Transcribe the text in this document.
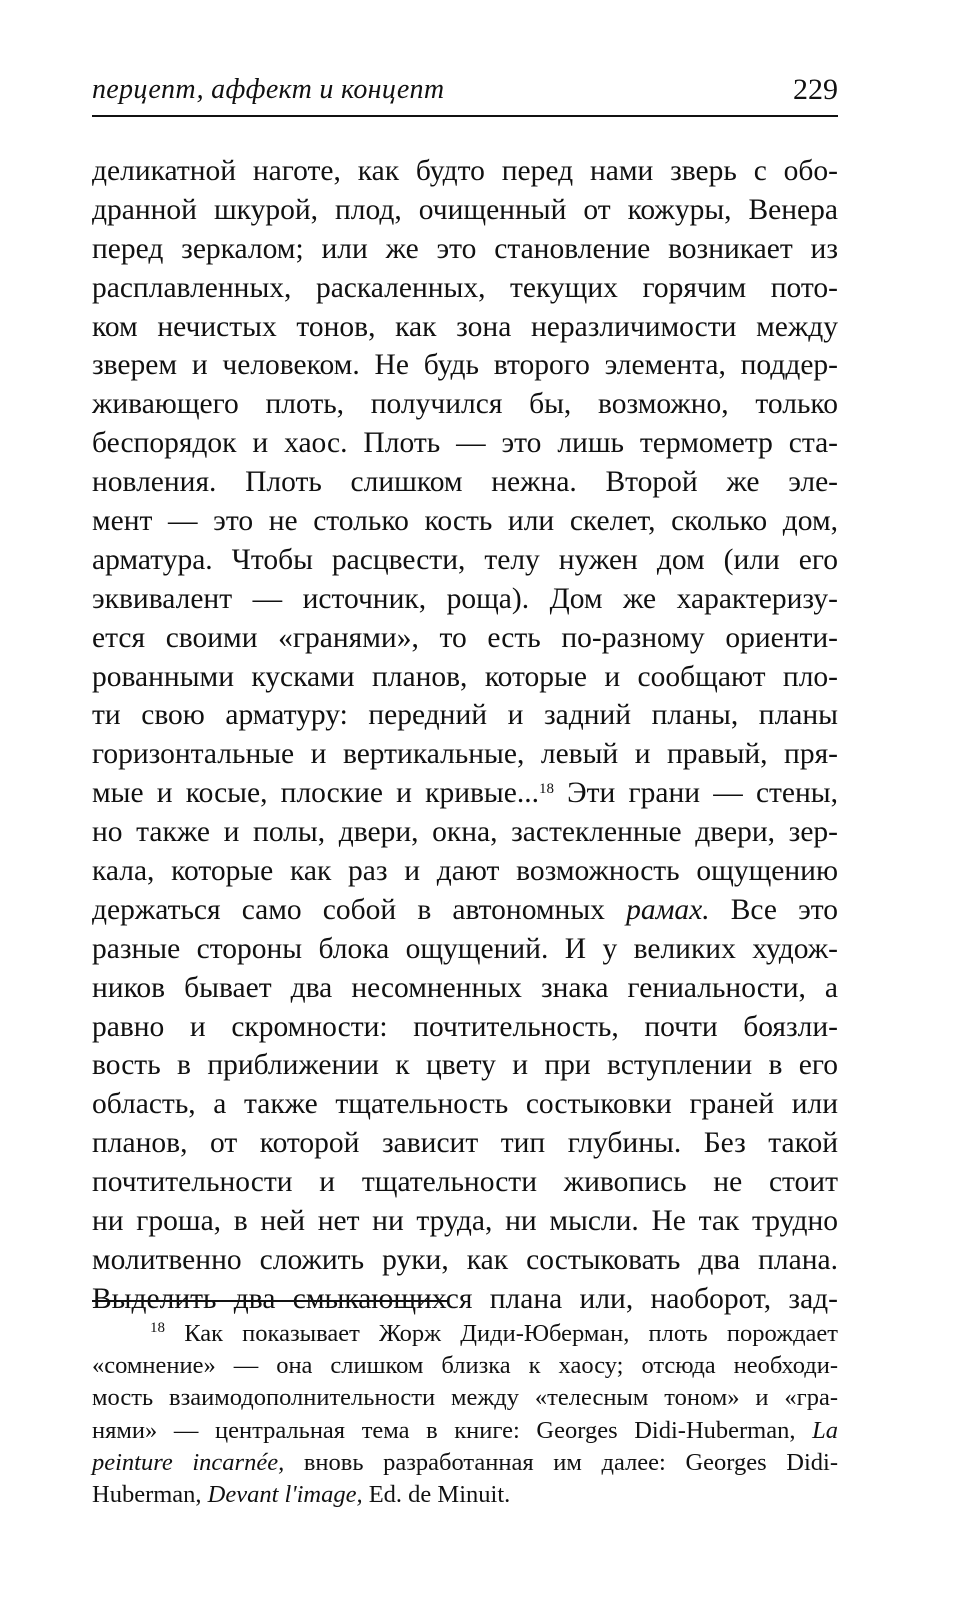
перцепт, аффект и концепт	229
деликатной наготе, как будто перед нами зверь с обо-
дранной шкурой, плод, очищенный от кожуры, Венера
перед зеркалом; или же это становление возникает из
расплавленных, раскаленных, текущих горячим пото-
ком нечистых тонов, как зона неразличимости между
зверем и человеком. Не будь второго элемента, поддер-
живающего плоть, получился бы, возможно, только
беспорядок и хаос. Плоть — это лишь термометр ста-
новления. Плоть слишком нежна. Второй же эле-
мент — это не столько кость или скелет, сколько дом,
арматура. Чтобы расцвести, телу нужен дом (или его
эквивалент — источник, роща). Дом же характеризу-
ется своими «гранями», то есть по-разному ориенти-
рованными кусками планов, которые и сообщают пло-
ти свою арматуру: передний и задний планы, планы
горизонтальные и вертикальные, левый и правый, пря-
мые и косые, плоские и кривые...$^{18}$ Эти грани — стены,
но также и полы, двери, окна, застекленные двери, зер-
кала, которые как раз и дают возможность ощущению
держаться само собой в автономных рамах. Все это
разные стороны блока ощущений. И у великих худож-
ников бывает два несомненных знака гениальности, а
равно и скромности: почтительность, почти боязли-
вость в приближении к цвету и при вступлении в его
область, а также тщательность состыковки граней или
планов, от которой зависит тип глубины. Без такой
почтительности и тщательности живопись не стоит
ни гроша, в ней нет ни труда, ни мысли. Не так трудно
молитвенно сложить руки, как состыковать два плана.
Выделить два смыкающихся плана или, наоборот, зад-
$^{18}$ Как показывает Жорж Диди-Юберман, плоть порождает
«сомнение» — она слишком близка к хаосу; отсюда необходи-
мость взаимодополнительности между «телесным тоном» и «гра-
нями» — центральная тема в книге: Georges Didi-Huberman, La
peinture incarnée, вновь разработанная им далее: Georges Didi-
Huberman, Devant l'image, Ed. de Minuit.
